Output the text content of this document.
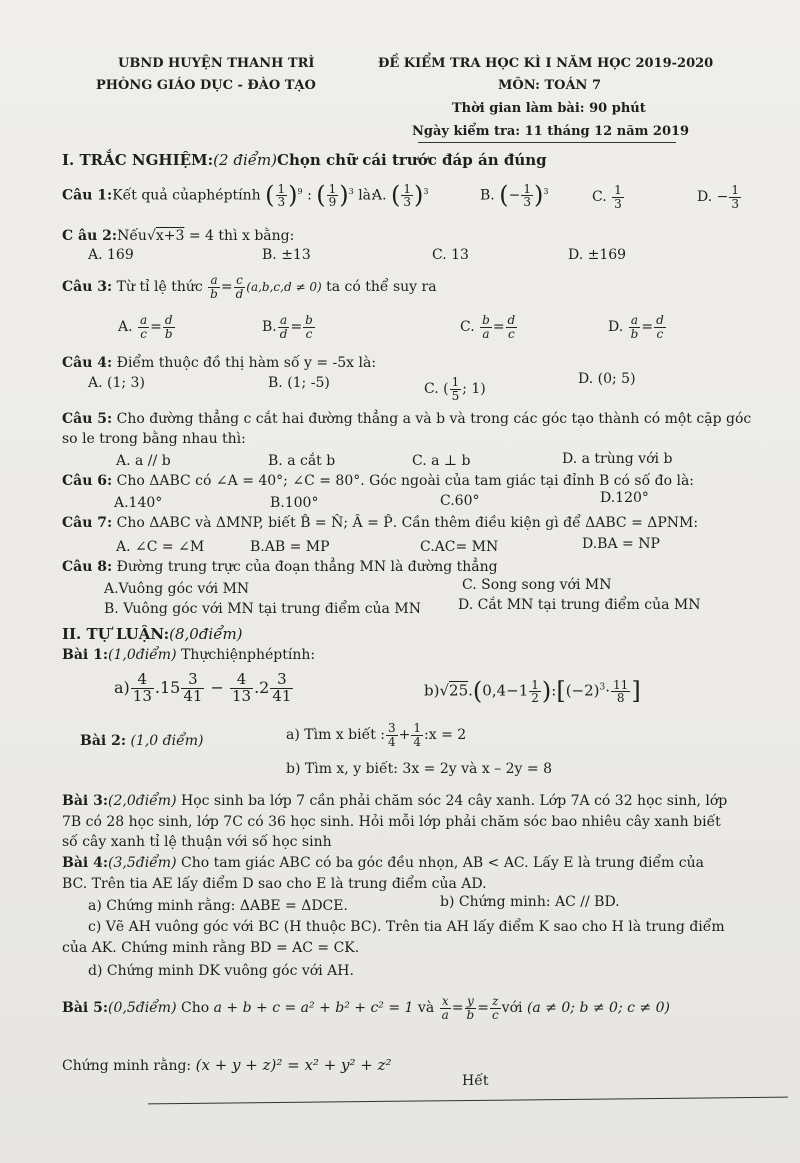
UBND HUYỆN THANH TRÌ
PHÒNG GIÁO DỤC - ĐÀO TẠO
ĐỀ KIỂM TRA HỌC KÌ I NĂM HỌC 2019-2020
MÔN: TOÁN 7
Thời gian làm bài: 90 phút
Ngày kiểm tra: 11 tháng 12 năm 2019
I. TRẮC NGHIỆM:(2 điểm)Chọn chữ cái trước đáp án đúng
Câu 1:Kết quả củaphéptính ( $\frac{1}{3} )^9$ : ( $\frac{1}{9} )^3$ là:
A. ( $\frac{1}{3} )^3$	B. (− $\frac{1}{3} )^3$	C. $\frac{1}{3}$	D. − $\frac{1}{3}$
C âu 2:Nếu√x+3 = 4 thì x bằng:
A. 169	B. ±13	C. 13	D. ±169
Câu 3: Từ tỉ lệ thức $\frac{a}{b} = \frac{c}{d} (a,b,c,d \ne 0)$ ta có thể suy ra
A. $\frac{a}{c} = \frac{d}{b}$	B. $\frac{a}{d} = \frac{b}{c}$	C. $\frac{b}{a} = \frac{d}{c}$	D. $\frac{a}{b} = \frac{d}{c}$
Câu 4: Điểm thuộc đồ thị hàm số y = -5x là:
A. (1; 3)	B. (1; -5)	C. ( $\frac{1}{5}$ ; 1)
D. (0; 5)
Câu 5: Cho đường thẳng c cắt hai đường thẳng a và b và trong các góc tạo thành có một cặp góc
so le trong bằng nhau thì:
A. a // b	B. a cắt b	C. a ⊥ b	D. a trùng với b
Câu 6: Cho ΔABC có ∠A = 40°; ∠C = 80°. Góc ngoài của tam giác tại đỉnh B có số đo là:
A.140°	B.100°	C.60°	D.120°
Câu 7: Cho ΔABC và ΔMNP, biết B̂ = N̂; Â = P̂. Cần thêm điều kiện gì để ΔABC = ΔPNM:
A. ∠C = ∠M	B.AB = MP	C.AC= MN	D.BA = NP
Câu 8: Đường trung trực của đoạn thẳng MN là đường thẳng
A.Vuông góc với MN	C. Song song với MN
B. Vuông góc với MN tại trung điểm của MN	D. Cắt MN tại trung điểm của MN
II. TỰ LUẬN:(8,0điểm)
Bài 1:(1,0điểm) Thựchiệnphéptính:
$a) \frac{4}{13} .15 \frac{3}{41} - \frac{4}{13} .2 \frac{3}{41}$	$b)√25.(0,4-1 \frac{1}{2}$ )$:[(-2)^3\cdot \frac{11}{8}$ ]
Bài 2: (1,0 điểm)	a) Tìm x biết : $\frac{3}{4} + \frac{1}{4}$ :x = 2
b) Tìm x, y biết: 3x = 2y và x – 2y = 8
Bài 3:(2,0điểm) Học sinh ba lớp 7 cần phải chăm sóc 24 cây xanh. Lớp 7A có 32 học sinh, lớp
7B có 28 học sinh, lớp 7C có 36 học sinh. Hỏi mỗi lớp phải chăm sóc bao nhiêu cây xanh biết
số cây xanh tỉ lệ thuận với số học sinh
Bài 4:(3,5điểm) Cho tam giác ABC có ba góc đều nhọn, AB < AC. Lấy E là trung điểm của
BC. Trên tia AE lấy điểm D sao cho E là trung điểm của AD.
a) Chứng minh rằng: ΔABE = ΔDCE.	b) Chứng minh: AC // BD.
c) Vẽ AH vuông góc với BC (H thuộc BC). Trên tia AH lấy điểm K sao cho H là trung điểm
của AK. Chứng minh rằng BD = AC = CK.
d) Chứng minh DK vuông góc với AH.
Bài 5:(0,5điểm) Cho a + b + c = a² + b² + c² = 1 và $\frac{x}{a} = \frac{y}{b} = \frac{z}{c}$ với (a ≠ 0; b ≠ 0; c ≠ 0)
Chứng minh rằng: (x + y + z)² = x² + y² + z²
Hết
